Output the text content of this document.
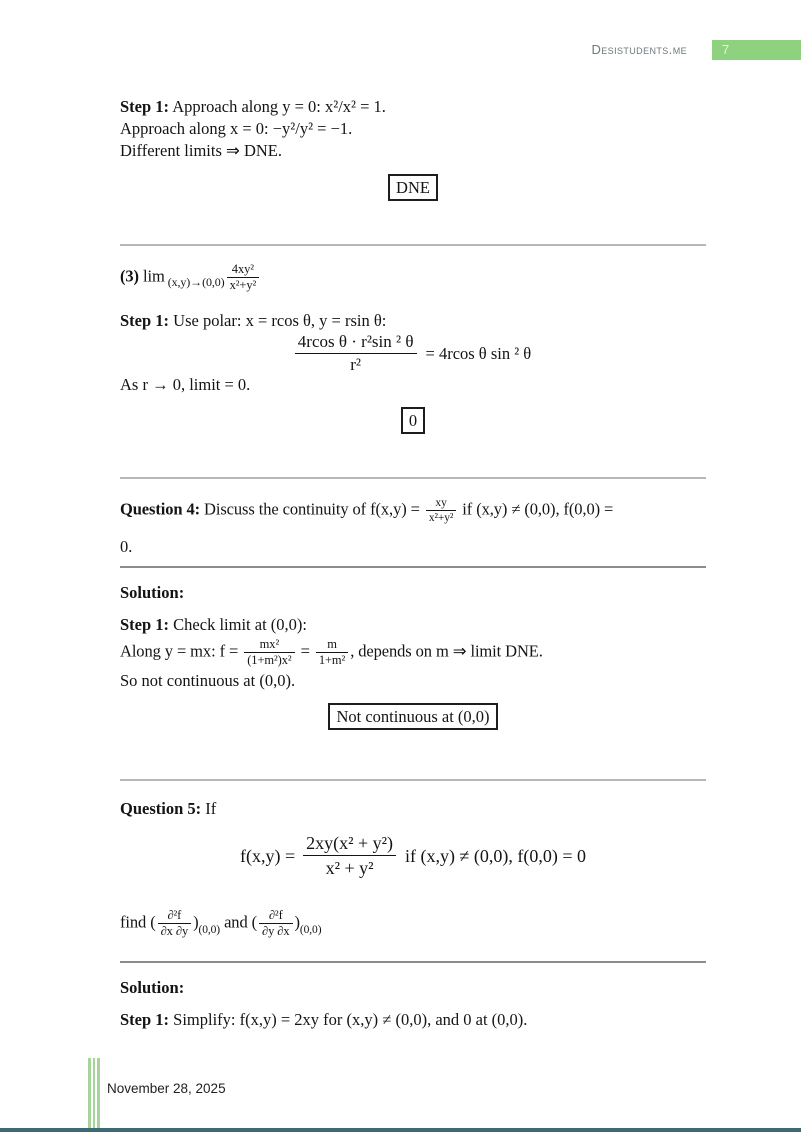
Desistudents.me	7
Step 1: Approach along y = 0: x²/x² = 1.
Approach along x = 0: −y²/y² = −1.
Different limits ⇒ DNE.
DNE
(3) $\lim _{(x,y)\to(0,0)} \frac{\text{4xy²}}{\text{x²+y²}}$
Step 1: Use polar: x = rcos θ, y = rsin θ:
$\frac{\text{4rcos θ · r²sin ² θ}}{\text{r²}} = 4rcos$ θ sin ² θ
As r → 0, limit = 0.
0
Question 4: Discuss the continuity of $f(x,y) = \frac{xy}{\text{x²+y²}}$ if (x,y) ≠ (0,0), f(0,0) =
0.
Solution:
Step 1: Check limit at (0,0):
Along y = mx: $f = \frac{\text{mx²}}{\text{(1+m²)x²}} = \frac{m}{\text{1+m²}}$ , depends on m ⇒ limit DNE.
So not continuous at (0,0).
Not continuous at (0,0)
Question 5: If
$f(x,y) = \frac{\text{2xy(x² + y²)}}{\text{x² + y²}}$ if (x,y) ≠ (0,0), f(0,0) = 0
find ( $\frac{\text{∂²f}}{\partial x \partial y} )_{(0,0)}$ and ( $\frac{\text{∂²f}}{\partial y \partial x} )_{(0,0)}$
Solution:
Step 1: Simplify: f(x,y) = 2xy for (x,y) ≠ (0,0), and 0 at (0,0).
November 28, 2025
